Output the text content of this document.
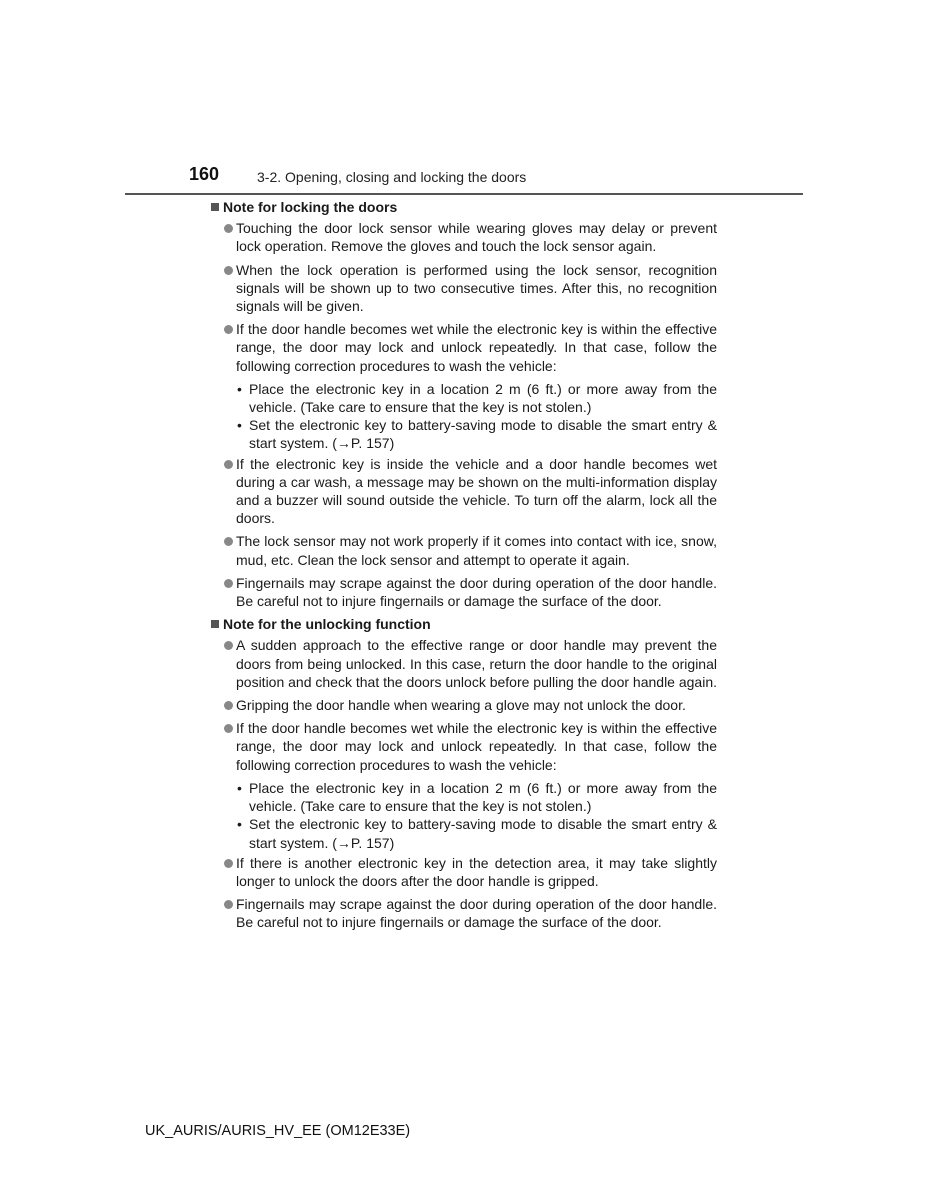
160	3-2. Opening, closing and locking the doors
Note for locking the doors
Touching the door lock sensor while wearing gloves may delay or prevent lock operation. Remove the gloves and touch the lock sensor again.
When the lock operation is performed using the lock sensor, recognition signals will be shown up to two consecutive times. After this, no recognition signals will be given.
If the door handle becomes wet while the electronic key is within the effective range, the door may lock and unlock repeatedly. In that case, follow the following correction procedures to wash the vehicle:
• Place the electronic key in a location 2 m (6 ft.) or more away from the vehicle. (Take care to ensure that the key is not stolen.)
• Set the electronic key to battery-saving mode to disable the smart entry & start system. (→P. 157)
If the electronic key is inside the vehicle and a door handle becomes wet during a car wash, a message may be shown on the multi-information display and a buzzer will sound outside the vehicle. To turn off the alarm, lock all the doors.
The lock sensor may not work properly if it comes into contact with ice, snow, mud, etc. Clean the lock sensor and attempt to operate it again.
Fingernails may scrape against the door during operation of the door handle. Be careful not to injure fingernails or damage the surface of the door.
Note for the unlocking function
A sudden approach to the effective range or door handle may prevent the doors from being unlocked. In this case, return the door handle to the original position and check that the doors unlock before pulling the door handle again.
Gripping the door handle when wearing a glove may not unlock the door.
If the door handle becomes wet while the electronic key is within the effective range, the door may lock and unlock repeatedly. In that case, follow the following correction procedures to wash the vehicle:
• Place the electronic key in a location 2 m (6 ft.) or more away from the vehicle. (Take care to ensure that the key is not stolen.)
• Set the electronic key to battery-saving mode to disable the smart entry & start system. (→P. 157)
If there is another electronic key in the detection area, it may take slightly longer to unlock the doors after the door handle is gripped.
Fingernails may scrape against the door during operation of the door handle. Be careful not to injure fingernails or damage the surface of the door.
UK_AURIS/AURIS_HV_EE (OM12E33E)
